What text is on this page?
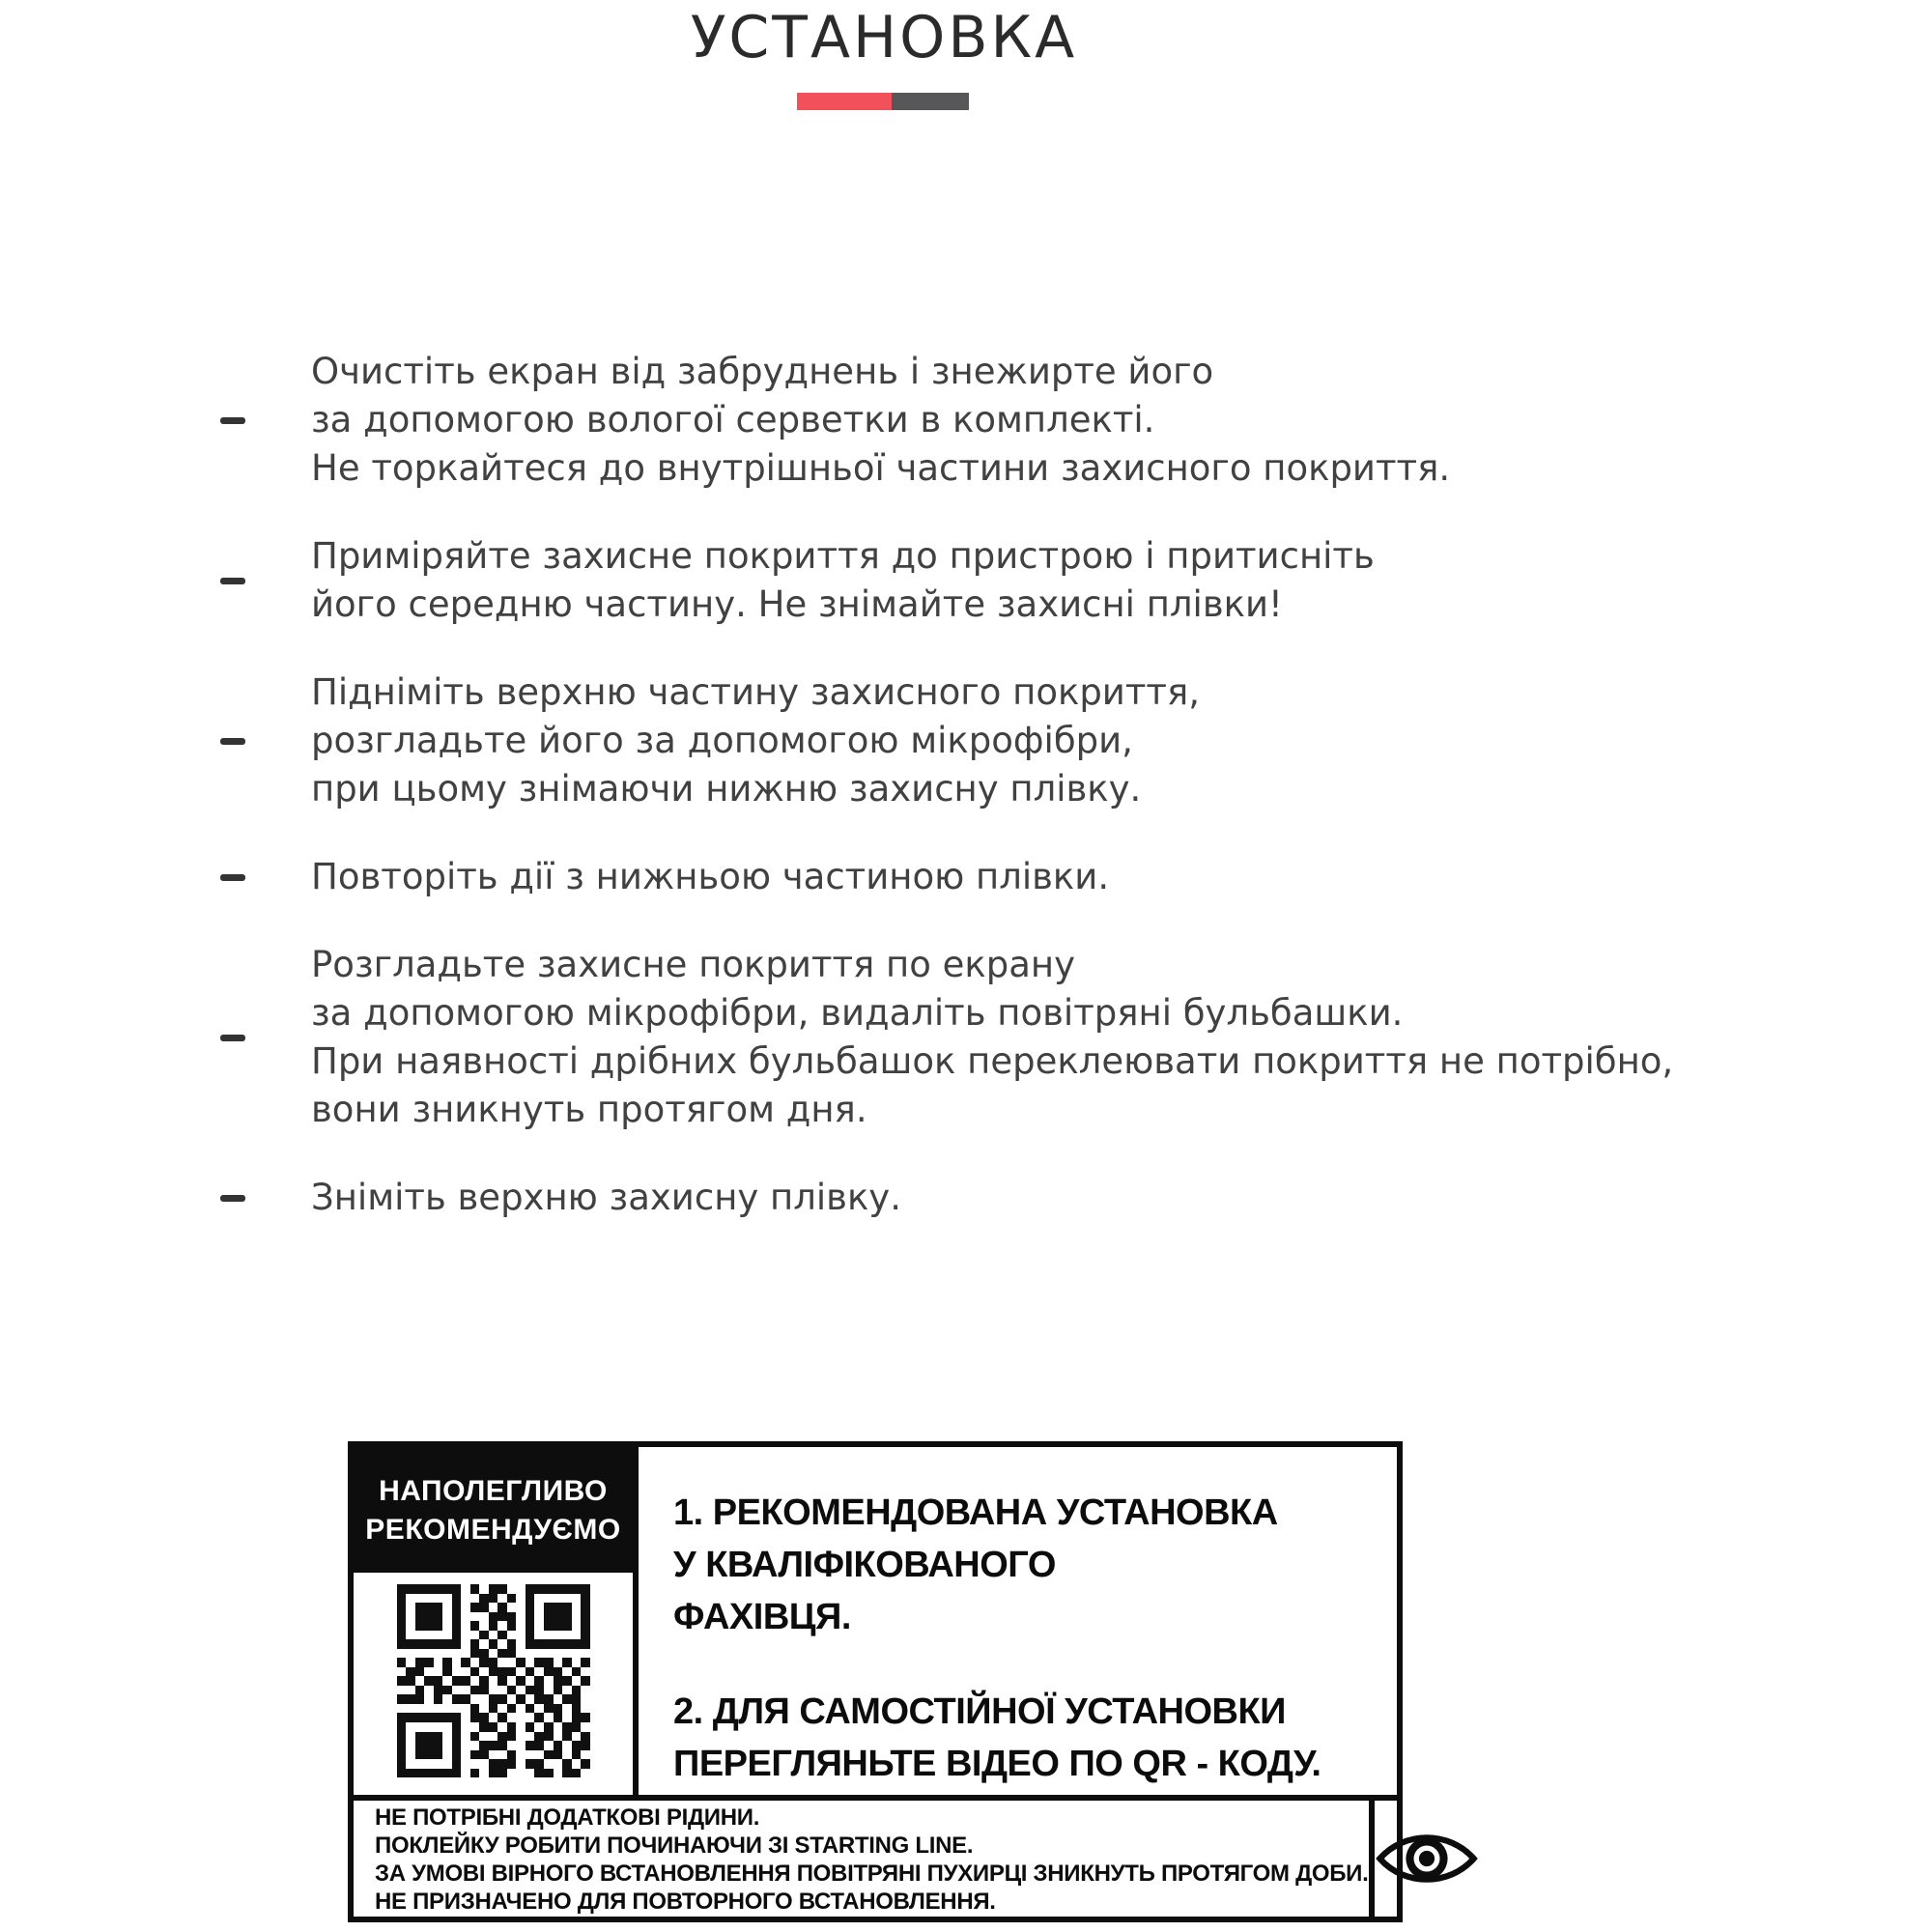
УСТАНОВКА
Очистіть екран від забруднень і знежирте його
за допомогою вологої серветки в комплекті.
Не торкайтеся до внутрішньої частини захисного покриття.
Приміряйте захисне покриття до пристрою і притисніть
його середню частину. Не знімайте захисні плівки!
Підніміть верхню частину захисного покриття,
розгладьте його за допомогою мікрофібри,
при цьому знімаючи нижню захисну плівку.
Повторіть дії з нижньою частиною плівки.
Розгладьте захисне покриття по екрану
за допомогою мікрофібри, видаліть повітряні бульбашки.
При наявності дрібних бульбашок переклеювати покриття не потрібно,
вони зникнуть протягом дня.
Зніміть верхню захисну плівку.
НАПОЛЕГЛИВО
РЕКОМЕНДУЄМО	1. РЕКОМЕНДОВАНА УСТАНОВКА
У КВАЛІФІКОВАНОГО
ФАХІВЦЯ.
2. ДЛЯ САМОСТІЙНОЇ УСТАНОВКИ
ПЕРЕГЛЯНЬТЕ ВІДЕО ПО QR - КОДУ.
НЕ ПОТРІБНІ ДОДАТКОВІ РІДИНИ.
ПОКЛЕЙКУ РОБИТИ ПОЧИНАЮЧИ ЗІ STARTING LINE.
ЗА УМОВІ ВІРНОГО ВСТАНОВЛЕННЯ ПОВІТРЯНІ ПУХИРЦІ ЗНИКНУТЬ ПРОТЯГОМ ДОБИ.
НЕ ПРИЗНАЧЕНО ДЛЯ ПОВТОРНОГО ВСТАНОВЛЕННЯ.
